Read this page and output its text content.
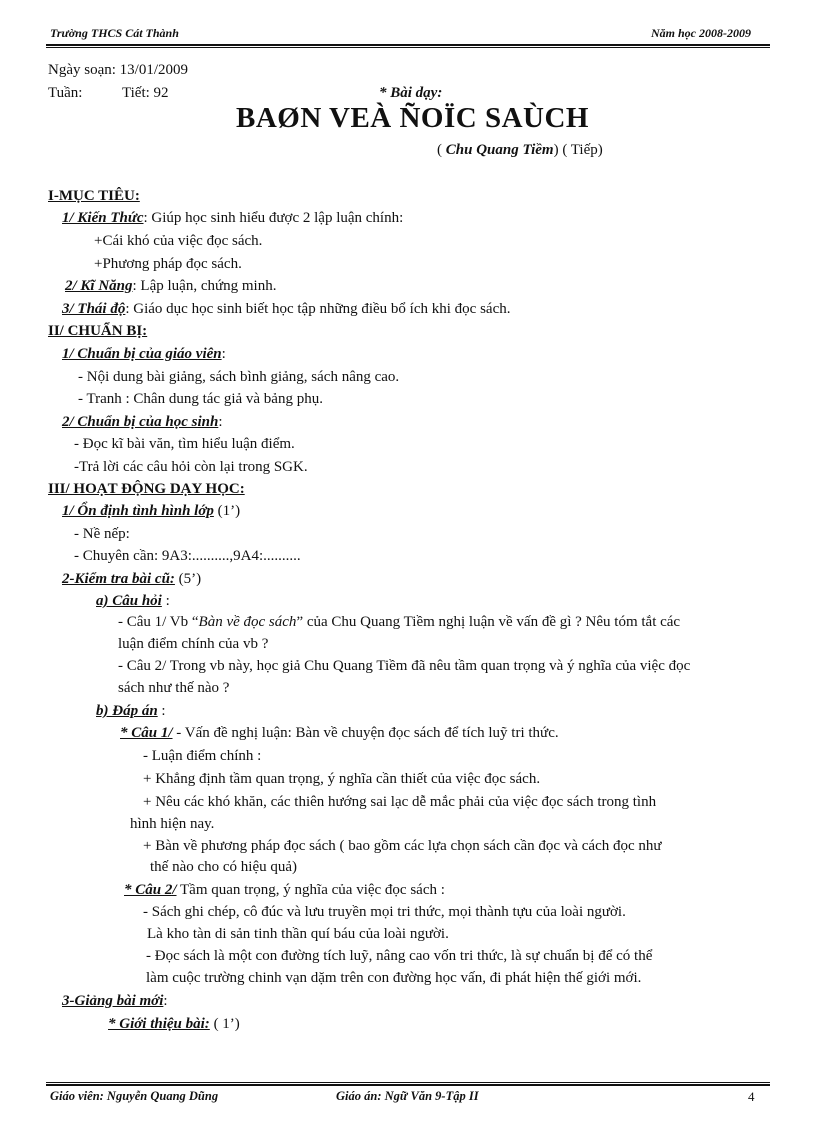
Trường THCS Cát Thành	Năm học 2008-2009
Ngày soạn: 13/01/2009
Tuần:	Tiết: 92	* Bài dạy:
BAØN VEÀ ÑOÏC SAÙCH
( Chu Quang Tiềm) ( Tiếp)
I-MỤC TIÊU:
1/ Kiến Thức: Giúp học sinh hiểu được 2 lập luận chính:
+Cái khó của việc đọc sách.
+Phương pháp đọc sách.
2/ Kĩ Năng: Lập luận, chứng minh.
3/ Thái độ: Giáo dục học sinh biết học tập những điều bổ ích khi đọc sách.
II/ CHUẨN BỊ:
1/ Chuẩn bị của giáo viên:
- Nội dung bài giảng, sách bình giảng, sách nâng cao.
- Tranh : Chân dung tác giả và bảng phụ.
2/ Chuẩn bị của học sinh:
- Đọc kĩ bài văn, tìm hiểu luận điểm.
-Trả lời các câu hỏi còn lại trong SGK.
III/ HOẠT ĐỘNG DẠY HỌC:
1/ Ổn định tình hình lớp (1’)
- Nề nếp:
- Chuyên cần: 9A3:..........,9A4:..........
2-Kiểm tra bài cũ: (5’)
a) Câu hỏi :
- Câu 1/ Vb “Bàn về đọc sách” của Chu Quang Tiềm nghị luận về vấn đề gì ? Nêu tóm tắt các
luận điểm chính của vb ?
- Câu 2/ Trong vb này, học giả Chu Quang Tiềm đã nêu tầm quan trọng và ý nghĩa của việc đọc
sách như thế nào ?
b) Đáp án :
* Câu 1/ - Vấn đề nghị luận: Bàn về chuyện đọc sách để tích luỹ tri thức.
- Luận điểm chính :
+ Khẳng định tầm quan trọng, ý nghĩa cần thiết của việc đọc sách.
+ Nêu các khó khăn, các thiên hướng sai lạc dễ mắc phải của việc đọc sách trong tình
hình hiện nay.
+ Bàn về phương pháp đọc sách ( bao gồm các lựa chọn sách cần đọc và cách đọc như
thế nào cho có hiệu quả)
* Câu 2/ Tầm quan trọng, ý nghĩa của việc đọc sách :
- Sách ghi chép, cô đúc và lưu truyền mọi tri thức, mọi thành tựu của loài người.
Là kho tàn di sản tinh thần quí báu của loài người.
- Đọc sách là một con đường tích luỹ, nâng cao vốn tri thức, là sự chuẩn bị để có thể
làm cuộc trường chinh vạn dặm trên con đường học vấn, đi phát hiện thế giới mới.
3-Giảng bài mới:
* Giới thiệu bài: ( 1’)
Giáo viên: Nguyễn Quang Dũng	Giáo án: Ngữ Văn 9-Tập II	4
